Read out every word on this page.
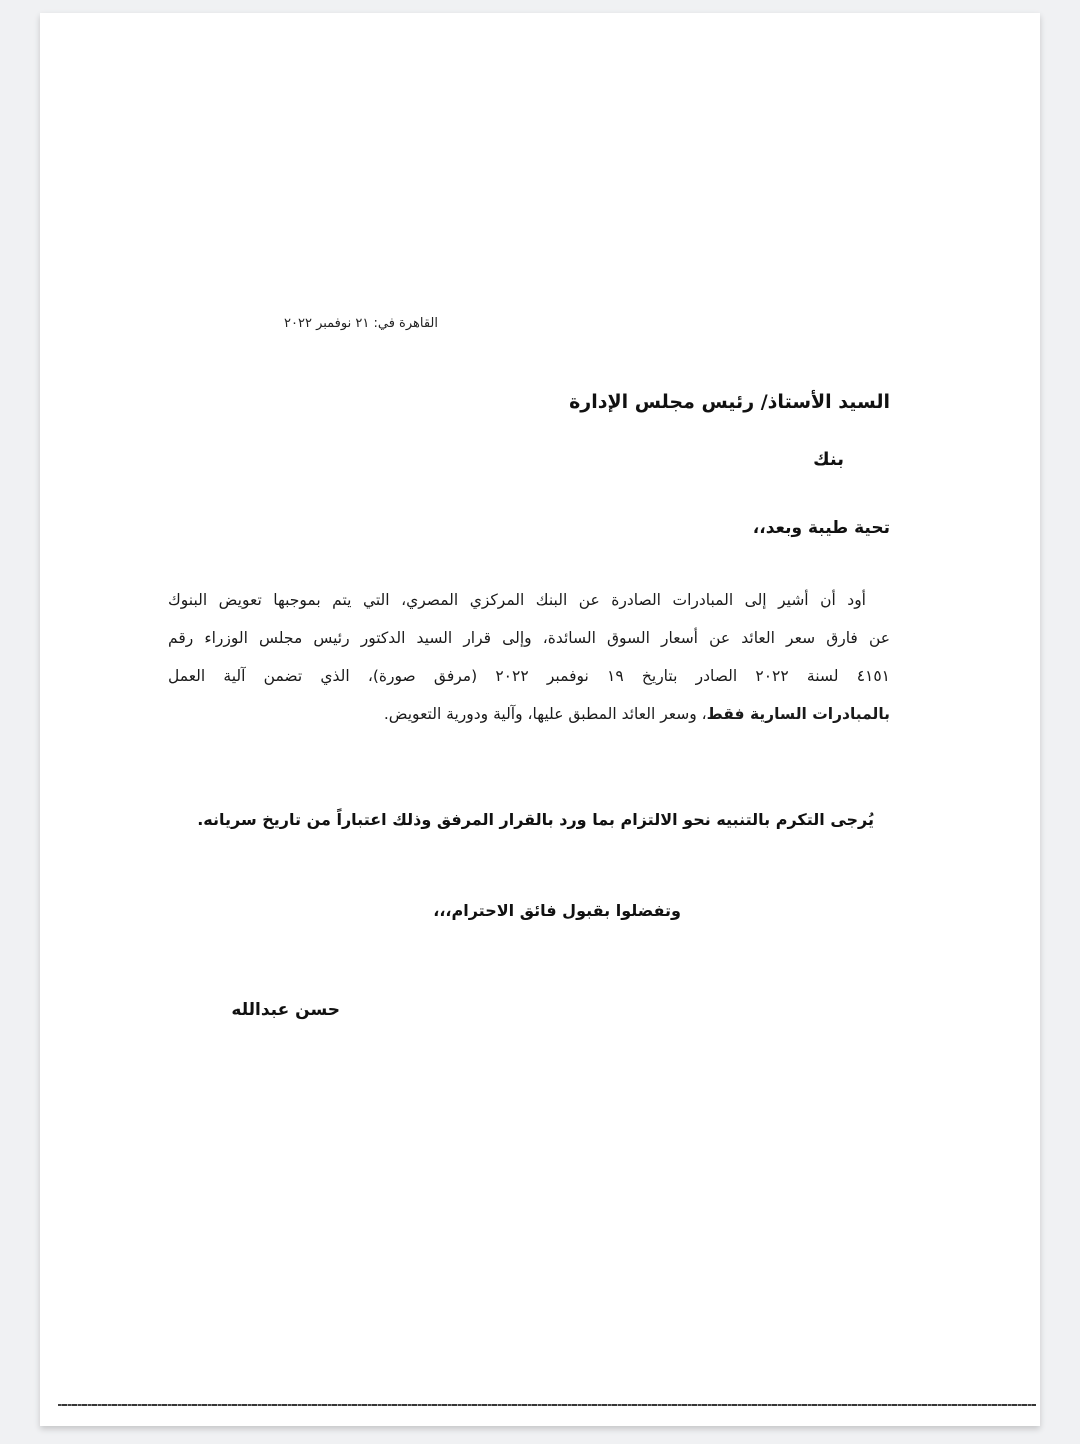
القاهرة في: ٢١ نوفمبر ٢٠٢٢
السيد الأستاذ/ رئيس مجلس الإدارة
بنك
تحية طيبة وبعد،،
أود أن أشير إلى المبادرات الصادرة عن البنك المركزي المصري، التي يتم بموجبها تعويض البنوك
عن فارق سعر العائد عن أسعار السوق السائدة، وإلى قرار السيد الدكتور رئيس مجلس الوزراء رقم
٤١٥١ لسنة ٢٠٢٢ الصادر بتاريخ ١٩ نوفمبر ٢٠٢٢ (مرفق صورة)، الذي تضمن آلية العمل
بالمبادرات السارية فقط، وسعر العائد المطبق عليها، وآلية ودورية التعويض.
يُرجى التكرم بالتنبيه نحو الالتزام بما ورد بالقرار المرفق وذلك اعتباراً من تاريخ سريانه.
وتفضلوا بقبول فائق الاحترام،،،
حسن عبدالله
